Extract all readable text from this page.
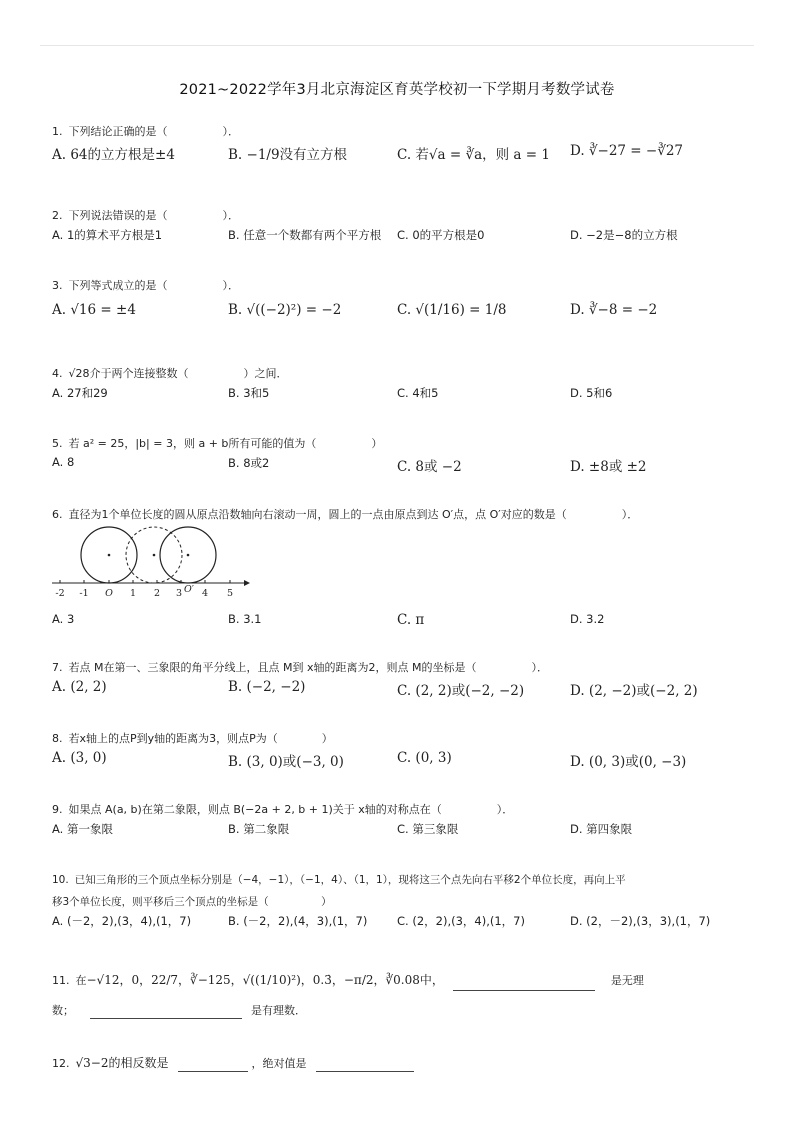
2021~2022学年3月北京海淀区育英学校初一下学期月考数学试卷
1. 下列结论正确的是（　　　　　）．
A. 64的立方根是±4	B. −1/9没有立方根	C. 若√a = ∛a，则 a = 1 D. ∛−27 = −∛27
2. 下列说法错误的是（　　　　　）．
A. 1的算术平方根是1	B. 任意一个数都有两个平方根 C. 0的平方根是0	D. −2是−8的立方根
3. 下列等式成立的是（　　　　　）．
A. √16 = ±4	B. √((−2)²) = −2	C. √(1/16) = 1/8	D. ∛−8 = −2
4. √28介于两个连接整数（　　　　　）之间．
A. 27和29	B. 3和5	C. 4和5	D. 5和6
5. 若 a² = 25，|b| = 3，则 a + b所有可能的值为（　　　　　）
A. 8	B. 8或2	C. 8或 −2	D. ±8或 ±2
6. 直径为1个单位长度的圆从原点沿数轴向右滚动一周，圆上的一点由原点到达 O′点，点 O′对应的数是（　　　　　）．
-2 -1 O 1 2 3 O′ 4 5
A. 3	B. 3.1	C. π	D. 3.2
7. 若点 M在第一、三象限的角平分线上，且点 M到 x轴的距离为2，则点 M的坐标是（　　　　　）．
A. (2, 2)	B. (−2, −2)	C. (2, 2)或(−2, −2)	D. (2, −2)或(−2, 2)
8. 若x轴上的点P到y轴的距离为3，则点P为（　　　　）
A. (3, 0)	B. (3, 0)或(−3, 0)	C. (0, 3)	D. (0, 3)或(0, −3)
9. 如果点 A(a, b)在第二象限，则点 B(−2a + 2, b + 1)关于 x轴的对称点在（　　　　　）．
A. 第一象限	B. 第二象限	C. 第三象限	D. 第四象限
10. 已知三角形的三个顶点坐标分别是（−4，−1），（−1，4）、（1，1），现将这三个点先向右平移2个单位长度，再向上平
移3个单位长度，则平移后三个顶点的坐标是（　　　　　）
A. (－2，2),(3，4),(1，7)	B. (－2，2),(4，3),(1，7)	C. (2，2),(3，4),(1，7)	D. (2，－2),(3，3),(1，7)
11. 在−√12，0，22/7，∛−125，√((1/10)²)，0.3̇，−π/2，∛0.08中，	是无理
数；	是有理数．
12. √3−2的相反数是	，绝对值是
